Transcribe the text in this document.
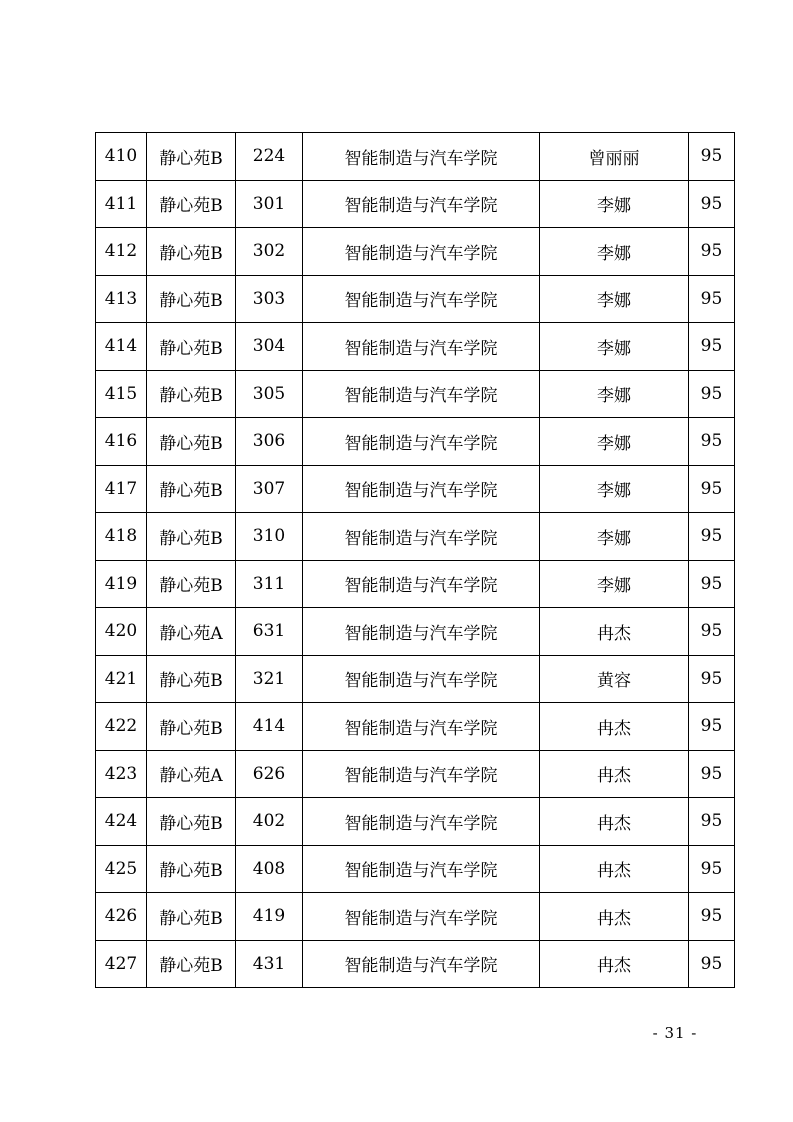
410	静心苑B	224	智能制造与汽车学院	曾丽丽	95
411	静心苑B	301	智能制造与汽车学院	李娜	95
412	静心苑B	302	智能制造与汽车学院	李娜	95
413	静心苑B	303	智能制造与汽车学院	李娜	95
414	静心苑B	304	智能制造与汽车学院	李娜	95
415	静心苑B	305	智能制造与汽车学院	李娜	95
416	静心苑B	306	智能制造与汽车学院	李娜	95
417	静心苑B	307	智能制造与汽车学院	李娜	95
418	静心苑B	310	智能制造与汽车学院	李娜	95
419	静心苑B	311	智能制造与汽车学院	李娜	95
420	静心苑A	631	智能制造与汽车学院	冉杰	95
421	静心苑B	321	智能制造与汽车学院	黄容	95
422	静心苑B	414	智能制造与汽车学院	冉杰	95
423	静心苑A	626	智能制造与汽车学院	冉杰	95
424	静心苑B	402	智能制造与汽车学院	冉杰	95
425	静心苑B	408	智能制造与汽车学院	冉杰	95
426	静心苑B	419	智能制造与汽车学院	冉杰	95
427	静心苑B	431	智能制造与汽车学院	冉杰	95
- 31 -
